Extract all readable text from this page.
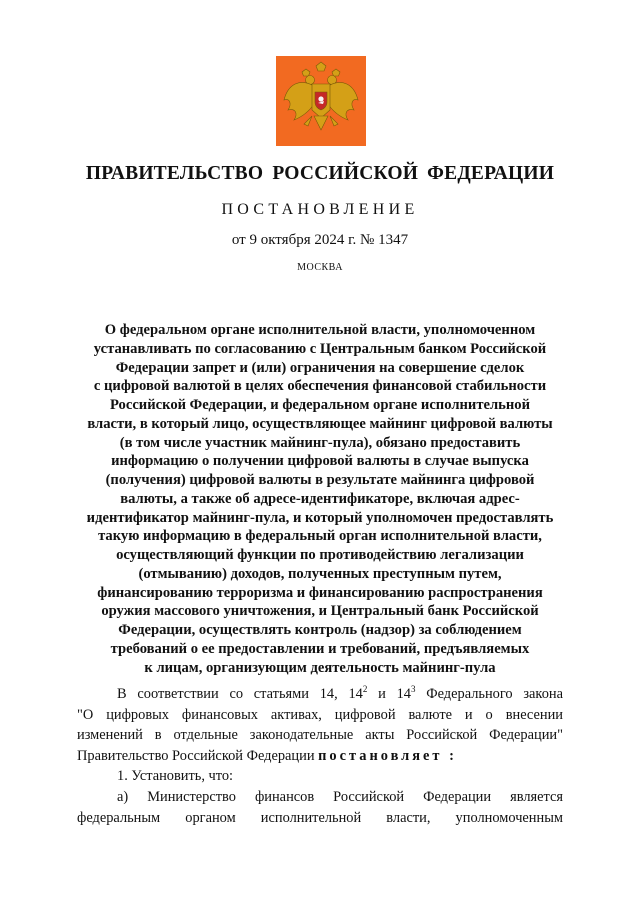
ПРАВИТЕЛЬСТВО РОССИЙСКОЙ ФЕДЕРАЦИИ
ПОСТАНОВЛЕНИЕ
от 9 октября 2024 г. № 1347
МОСКВА
О федеральном органе исполнительной власти, уполномоченном
устанавливать по согласованию с Центральным банком Российской
Федерации запрет и (или) ограничения на совершение сделок
с цифровой валютой в целях обеспечения финансовой стабильности
Российской Федерации, и федеральном органе исполнительной
власти, в который лицо, осуществляющее майнинг цифровой валюты
(в том числе участник майнинг-пула), обязано предоставить
информацию о получении цифровой валюты в случае выпуска
(получения) цифровой валюты в результате майнинга цифровой
валюты, а также об адресе-идентификаторе, включая адрес-
идентификатор майнинг-пула, и который уполномочен предоставлять
такую информацию в федеральный орган исполнительной власти,
осуществляющий функции по противодействию легализации
(отмыванию) доходов, полученных преступным путем,
финансированию терроризма и финансированию распространения
оружия массового уничтожения, и Центральный банк Российской
Федерации, осуществлять контроль (надзор) за соблюдением
требований о ее предоставлении и требований, предъявляемых
к лицам, организующим деятельность майнинг-пула
В соответствии со статьями 14, $14^2$ и $14^3$ Федерального закона
"О цифровых финансовых активах, цифровой валюте и о внесении
изменений в отдельные законодательные акты Российской Федерации"
Правительство Российской Федерации постановляет :
1. Установить, что:
а) Министерство финансов Российской Федерации является
федеральным органом исполнительной власти, уполномоченным
